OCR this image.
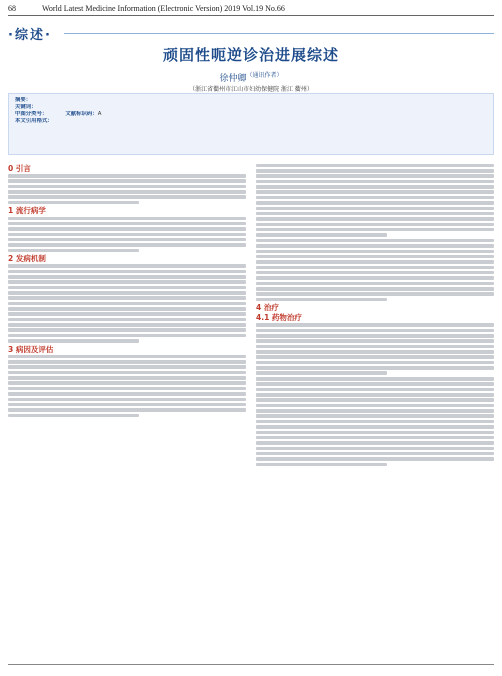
68	World Latest Medicine Information (Electronic Version) 2019 Vol.19 No.66
·综述·
顽固性呃逆诊治进展综述
徐仲卿$^{(通讯作者)}$
（浙江省衢州市江山市妇幼保健院 浙江 衢州）
摘要：
关键词：
中图分类号：	文献标识码：A
本文引用格式：
0 引言
1 流行病学
2 发病机制
3 病因及评估
4 治疗
4.1 药物治疗
